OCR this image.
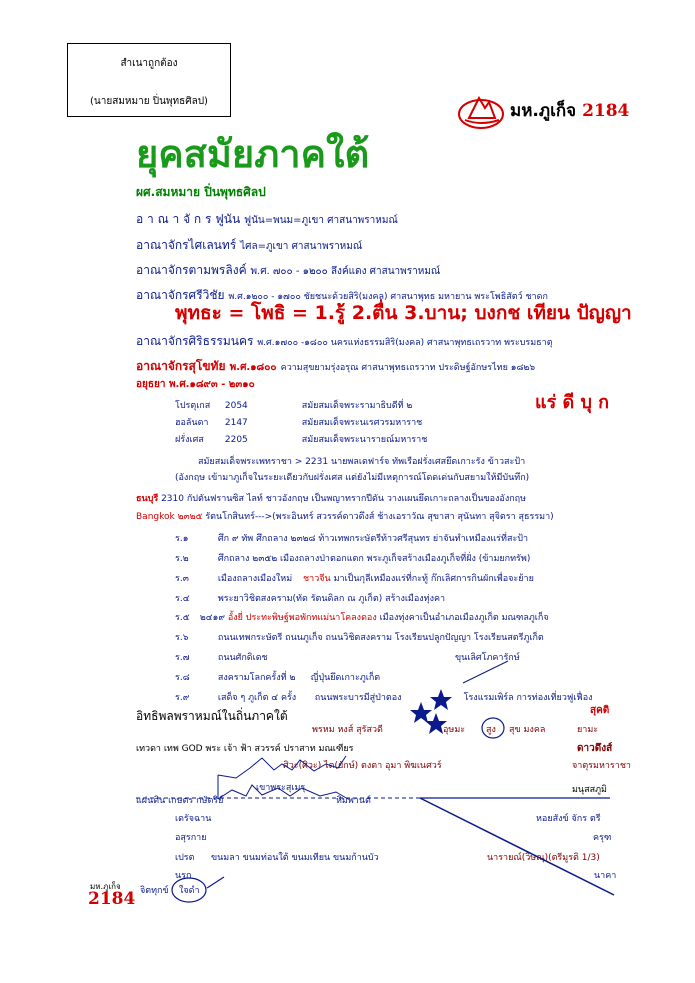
สำเนาถูกต้อง
(นายสมหมาย ปิ่นพุทธศิลป)	มห.ภูเก็จ 2184
ยุคสมัยภาคใต้
ผศ.สมหมาย ปิ่นพุทธศิลป
อ า ณ า จั ก ร ฟูนัน ฟูนัน=พนม=ภูเขา ศาสนาพราหมณ์
อาณาจักรไศเลนทร์ ไศล=ภูเขา ศาสนาพราหมณ์
อาณาจักรตามพรลิงค์ พ.ศ. ๗๐๐ - ๑๒๐๐ ลึงค์แดง ศาสนาพราหมณ์
อาณาจักรศรีวิชัย พ.ศ.๑๒๐๐ - ๑๗๐๐ ชัยชนะด้วยสิริ(มงคล) ศาสนาพุทธ มหายาน พระโพธิสัตว์ ชาดก
พุทธะ = โพธิ = 1.รู้ 2.ตื่น 3.บาน; บงกช เทียน ปัญญา
อาณาจักรศิริธรรมนคร พ.ศ.๑๗๐๐ -๑๘๐๐ นครแห่งธรรมสิริ(มงคล) ศาสนาพุทธเถรวาท พระบรมธาตุ
อาณาจักรสุโขทัย พ.ศ.๑๘๐๐ ความสุขยามรุ่งอรุณ ศาสนาพุทธเถรวาท ประดิษฐ์อักษรไทย ๑๘๒๖
อยุธยา พ.ศ.๑๘๙๓ - ๒๓๑๐
โปรตุเกส 2054	สมัยสมเด็จพระรามาธิบดีที่ ๒
ฮอลันดา 2147	สมัยสมเด็จพระนเรศวรมหาราช
ฝรั่งเศส 2205	สมัยสมเด็จพระนารายณ์มหาราช
แร่ ดี บุ ก
สมัยสมเด็จพระเพทราชา > 2231 นายพลเดฟาร์จ ทัพเรือฝรั่งเศสยึดเกาะรัง ข้าวสะป้า
(อังกฤษ เข้ามาภูเก็จในระยะเดียวกับฝรั่งเศส แต่ยังไม่มีเหตุการณ์โดดเด่นกับสยามให้มีบันทึก)
ธนบุรี 2310 กัปตันฟรานซิส ไลท์ ชาวอังกฤษ เป็นพญาทรากปีดัน วางแผนยึดเกาะถลางเป็นของอังกฤษ
Bangkok ๒๓๒๕ รัตนโกสินทร์--->(พระอินทร์ สวรรค์ดาวดึงส์ ช้างเอราวัณ สุขาสา สุนันทา สุจิตรา สุธรรมา)
ร.๑	ศึก ๙ ทัพ ศึกถลาง ๒๓๒๘ ท้าวเทพกระษัตรีท้าวศรีสุนทร ย่าจันทำเหมืองแร่ที่สะป้า
ร.๒	ศึกถลาง ๒๓๕๒ เมืองถลางป่าตอกแตก พระภูเก็จสร้างเมืองภูเก็จที่ฝั่ง (ข้ามยกทรัพ)
ร.๓	เมืองถลางเมืองใหม่ ชาวจีน มาเป็นกุลีเหมืองแร่ที่กะทู้ ก๊กเลิศการกินผักเพื่อจะย้าย
ร.๔	พระยาวิชิตสงคราม(ทัด รัตนดิลก ณ ภูเก็ต) สร้างเมืองทุ่งคา
ร.๕ ๒๔๑๙ อั้งยี่ ประทะพิษฐ์พอพักทแม่นาโคลงดอง เมืองทุ่งคาเป็นอำเภอเมืองภูเก็ต มณฑลภูเก็จ
ร.๖	ถนนเทพกระษัตรี ถนนภูเก็จ ถนนวิชิตสงคราม โรงเรียนปลูกปัญญา โรงเรียนสตรีภูเก็ต
ร.๗	ถนนศักดิเดช	ขุนเลิศโภคารักษ์
ร.๘	สงครามโลกครั้งที่ ๒ ญี่ปุ่นยึดเกาะภูเก็ต
ร.๙	เสด็จ ๆ ภูเก็ต ๔ ครั้ง ถนนพระบารมีสู่ป่าตอง	โรงแรมเพิร์ล การท่องเที่ยวฟูเฟื่อง
อิทธิพลพราหมณ์ในถิ่นภาคใต้	สุคติ
พรหม หงส์ สุรัสวดี	อุษมะ สูง สุข มงคล	ยามะ
เทวดา เทพ GOD พระ เจ้า ฟ้า สวรรค์ ปราสาท มณเฑียร	ดาวดึงส์
ศิวะ(ศิวะ) ไต(ยักษ์) ตงตา อุมา พิฆเนศวร์	จาตุรมหาราชา
เขาพระสุเมรุ	มนุสสภูมิ
แผ่นดิน เกษตร กษัตริย์	หิมพานต์
เดรัจฉาน	หอยสังข์ จักร ตรี
อสุรกาย	ครุฑ
เปรต ขนมลา ขนมท่อนใต้ ขนมเทียน ขนมก้านบัว	นารายณ์(วิษณุ)(ตรีมูรติ 1/3)
นรก	นาคา
มห.ภูเก็จ
2184 จิตทุกข์ ใจดำ
